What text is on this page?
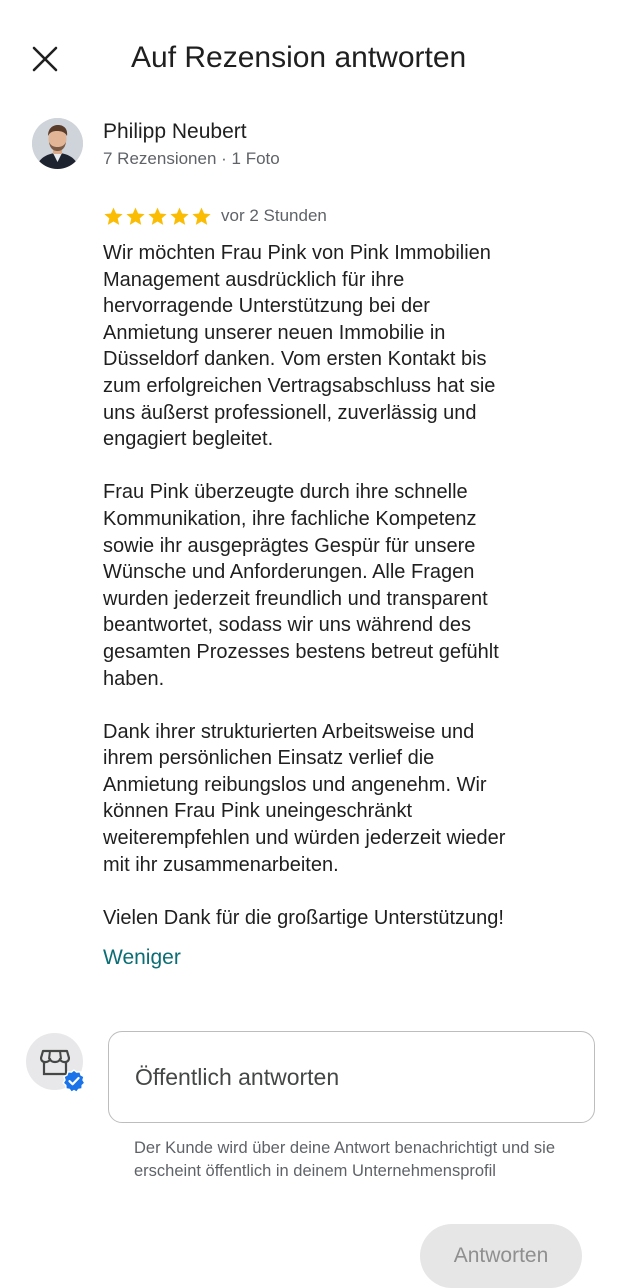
Auf Rezension antworten
Philipp Neubert
7 Rezensionen · 1 Foto
vor 2 Stunden

Wir möchten Frau Pink von Pink Immobilien
Management ausdrücklich für ihre
hervorragende Unterstützung bei der
Anmietung unserer neuen Immobilie in
Düsseldorf danken. Vom ersten Kontakt bis
zum erfolgreichen Vertragsabschluss hat sie
uns äußerst professionell, zuverlässig und
engagiert begleitet.

Frau Pink überzeugte durch ihre schnelle
Kommunikation, ihre fachliche Kompetenz
sowie ihr ausgeprägtes Gespür für unsere
Wünsche und Anforderungen. Alle Fragen
wurden jederzeit freundlich und transparent
beantwortet, sodass wir uns während des
gesamten Prozesses bestens betreut gefühlt
haben.

Dank ihrer strukturierten Arbeitsweise und
ihrem persönlichen Einsatz verlief die
Anmietung reibungslos und angenehm. Wir
können Frau Pink uneingeschränkt
weiterempfehlen und würden jederzeit wieder
mit ihr zusammenarbeiten.

Vielen Dank für die großartige Unterstützung!

Weniger
Öffentlich antworten
Der Kunde wird über deine Antwort benachrichtigt und sie erscheint öffentlich in deinem Unternehmensprofil
Antworten
